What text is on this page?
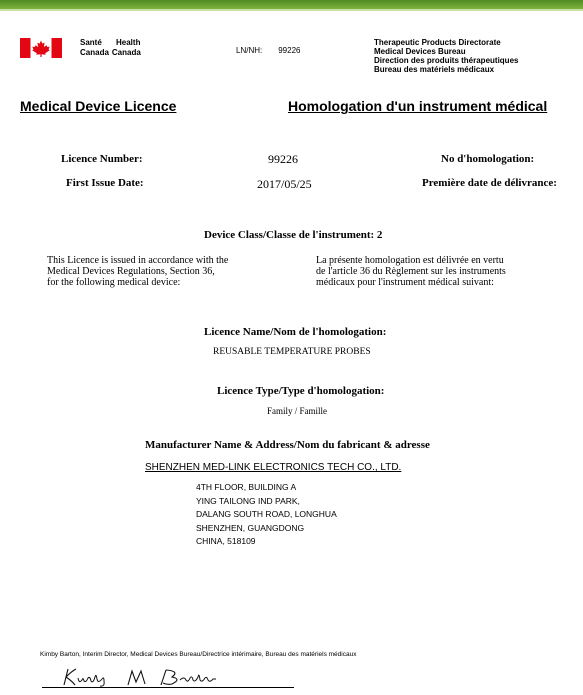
Santé Health
Canada Canada	LN/NH: 99226
Therapeutic Products Directorate
Medical Devices Bureau
Direction des produits thérapeutiques
Bureau des matériels médicaux
Medical Device Licence	Homologation d'un instrument médical
Licence Number:	99226	No d'homologation:
First Issue Date:	2017/05/25	Première date de délivrance:
Device Class/Classe de l'instrument: 2
This Licence is issued in accordance with the
Medical Devices Regulations, Section 36,
for the following medical device:
La présente homologation est délivrée en vertu
de l'article 36 du Règlement sur les instruments
médicaux pour l'instrument médical suivant:
Licence Name/Nom de l'homologation:
REUSABLE TEMPERATURE PROBES
Licence Type/Type d'homologation:
Family / Famille
Manufacturer Name & Address/Nom du fabricant & adresse
SHENZHEN MED-LINK ELECTRONICS TECH CO., LTD.
4TH FLOOR, BUILDING A
YING TAILONG IND PARK,
DALANG SOUTH ROAD, LONGHUA
SHENZHEN, GUANGDONG
CHINA, 518109
Kimby Barton, Interim Director, Medical Devices Bureau/Directrice intérimaire, Bureau des matériels médicaux
